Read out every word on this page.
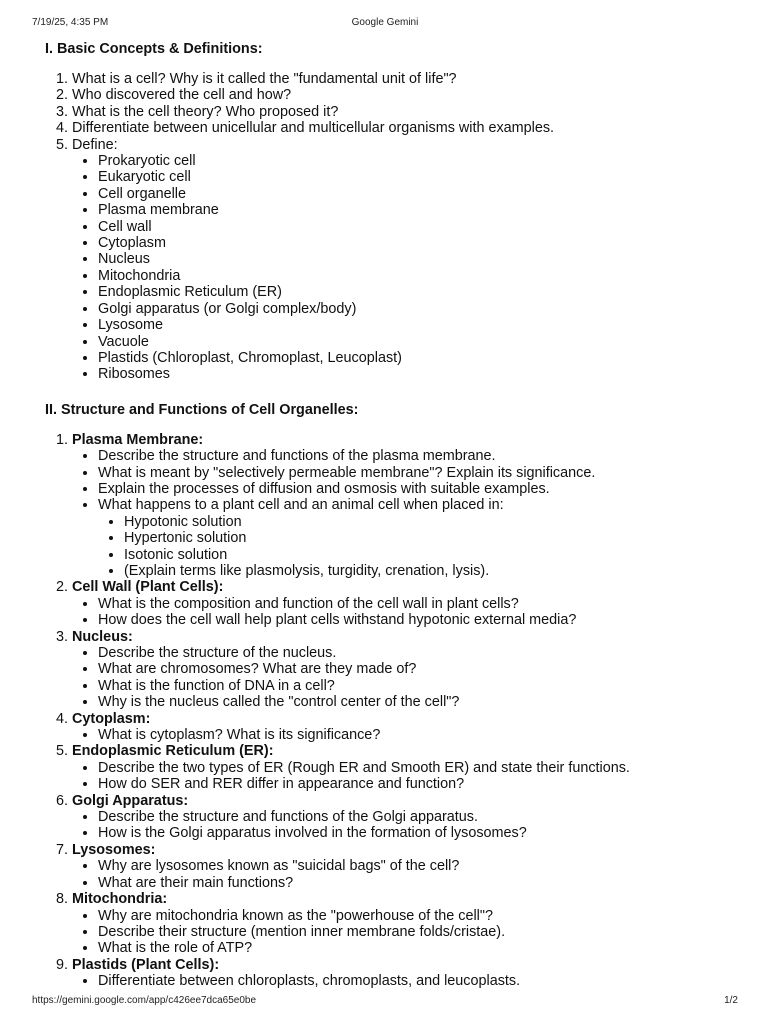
7/19/25, 4:35 PM	Google Gemini
I. Basic Concepts & Definitions:
1. What is a cell? Why is it called the "fundamental unit of life"?
2. Who discovered the cell and how?
3. What is the cell theory? Who proposed it?
4. Differentiate between unicellular and multicellular organisms with examples.
5. Define:
• Prokaryotic cell
• Eukaryotic cell
• Cell organelle
• Plasma membrane
• Cell wall
• Cytoplasm
• Nucleus
• Mitochondria
• Endoplasmic Reticulum (ER)
• Golgi apparatus (or Golgi complex/body)
• Lysosome
• Vacuole
• Plastids (Chloroplast, Chromoplast, Leucoplast)
• Ribosomes
II. Structure and Functions of Cell Organelles:
1. Plasma Membrane:
• Describe the structure and functions of the plasma membrane.
• What is meant by "selectively permeable membrane"? Explain its significance.
• Explain the processes of diffusion and osmosis with suitable examples.
• What happens to a plant cell and an animal cell when placed in:
• Hypotonic solution
• Hypertonic solution
• Isotonic solution
• (Explain terms like plasmolysis, turgidity, crenation, lysis).
2. Cell Wall (Plant Cells):
• What is the composition and function of the cell wall in plant cells?
• How does the cell wall help plant cells withstand hypotonic external media?
3. Nucleus:
• Describe the structure of the nucleus.
• What are chromosomes? What are they made of?
• What is the function of DNA in a cell?
• Why is the nucleus called the "control center of the cell"?
4. Cytoplasm:
• What is cytoplasm? What is its significance?
5. Endoplasmic Reticulum (ER):
• Describe the two types of ER (Rough ER and Smooth ER) and state their functions.
• How do SER and RER differ in appearance and function?
6. Golgi Apparatus:
• Describe the structure and functions of the Golgi apparatus.
• How is the Golgi apparatus involved in the formation of lysosomes?
7. Lysosomes:
• Why are lysosomes known as "suicidal bags" of the cell?
• What are their main functions?
8. Mitochondria:
• Why are mitochondria known as the "powerhouse of the cell"?
• Describe their structure (mention inner membrane folds/cristae).
• What is the role of ATP?
9. Plastids (Plant Cells):
• Differentiate between chloroplasts, chromoplasts, and leucoplasts.
https://gemini.google.com/app/c426ee7dca65e0be	1/2
